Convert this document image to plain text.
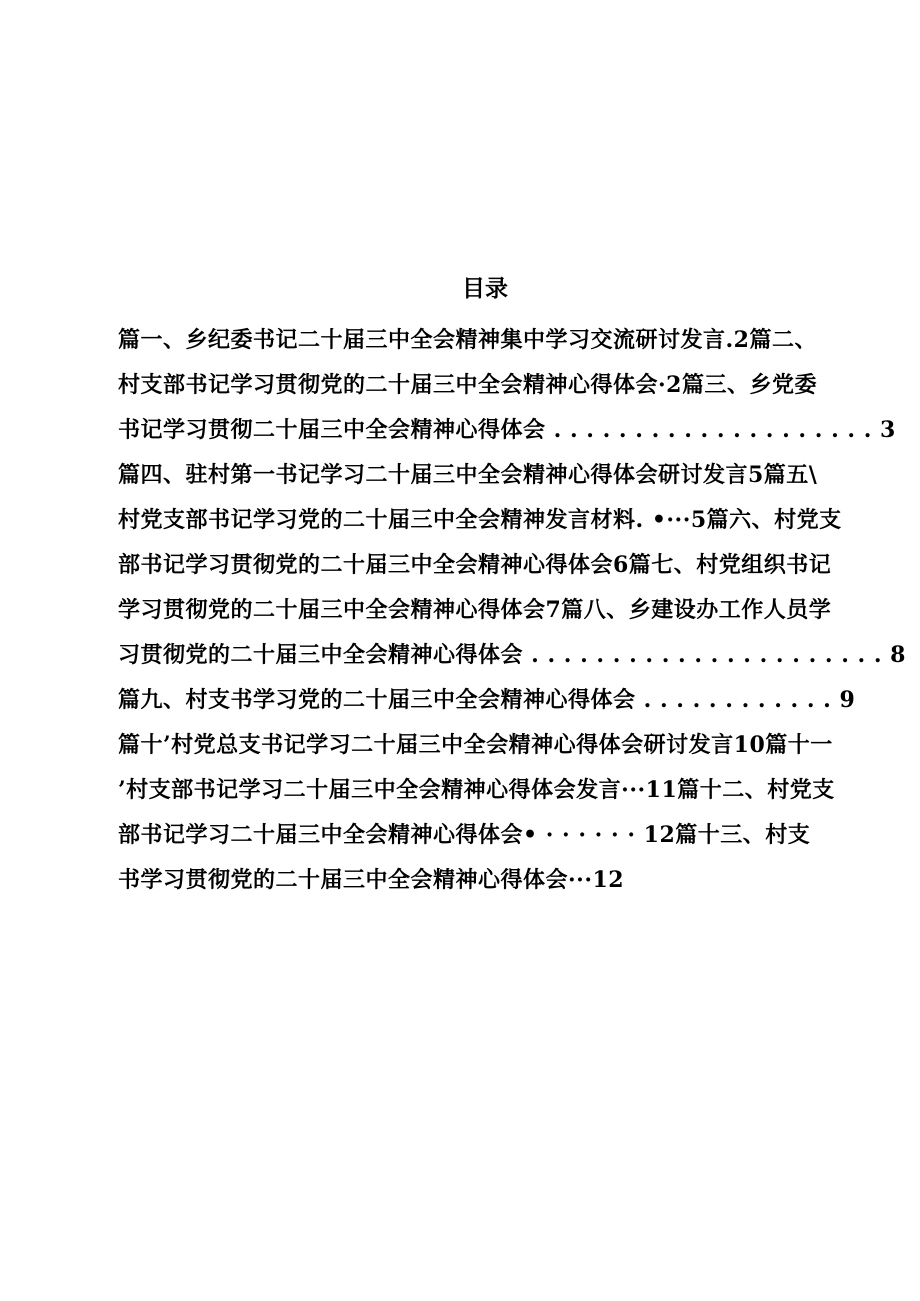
目录
篇一、乡纪委书记二十届三中全会精神集中学习交流研讨发言.2篇二、
村支部书记学习贯彻党的二十届三中全会精神心得体会·2篇三、乡党委
书记学习贯彻二十届三中全会精神心得体会 . . . . . . . . . . . . . . . . . . . . 3
篇四、驻村第一书记学习二十届三中全会精神心得体会研讨发言5篇五\
村党支部书记学习党的二十届三中全会精神发言材料. •···5篇六、村党支
部书记学习贯彻党的二十届三中全会精神心得体会6篇七、村党组织书记
学习贯彻党的二十届三中全会精神心得体会7篇八、乡建设办工作人员学
习贯彻党的二十届三中全会精神心得体会 . . . . . . . . . . . . . . . . . . . . . . 8
篇九、村支书学习党的二十届三中全会精神心得体会 . . . . . . . . . . . . 9
篇十’村党总支书记学习二十届三中全会精神心得体会研讨发言10篇十一
’村支部书记学习二十届三中全会精神心得体会发言···11篇十二、村党支
部书记学习二十届三中全会精神心得体会• · · · · · · 12篇十三、村支
书学习贯彻党的二十届三中全会精神心得体会···12
